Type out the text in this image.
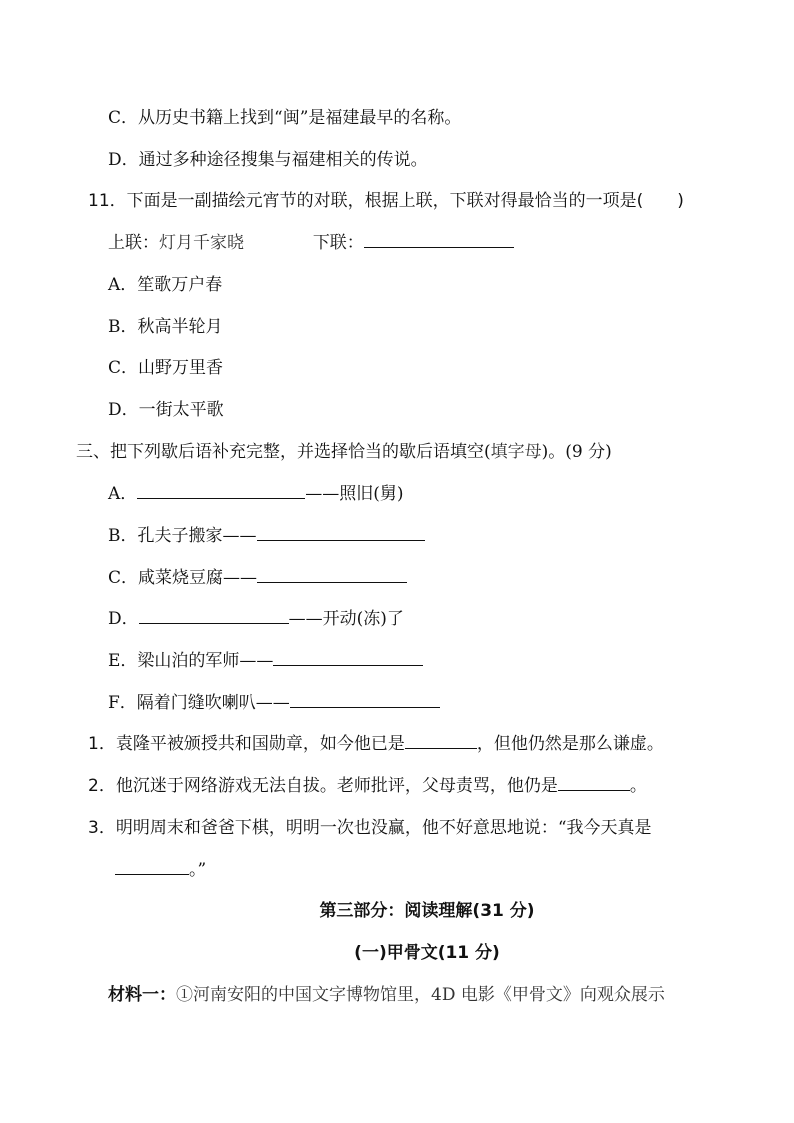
C．从历史书籍上找到“闽”是福建最早的名称。
D．通过多种途径搜集与福建相关的传说。
11．下面是一副描绘元宵节的对联，根据上联，下联对得最恰当的一项是(　　)
上联：灯月千家晓	下联：
A．笙歌万户春
B．秋高半轮月
C．山野万里香
D．一街太平歌
三、把下列歇后语补充完整，并选择恰当的歇后语填空(填字母)。(9 分)
A．	——照旧(舅)
B．孔夫子搬家——
C．咸菜烧豆腐——
D．	——开动(冻)了
E．梁山泊的军师——
F．隔着门缝吹喇叭——
1．袁隆平被颁授共和国勋章，如今他已是	，但他仍然是那么谦虚。
2．他沉迷于网络游戏无法自拔。老师批评，父母责骂，他仍是	。
3．明明周末和爸爸下棋，明明一次也没赢，他不好意思地说：“我今天真是
。”
第三部分：阅读理解(31 分)
(一)甲骨文(11 分)
材料一：①河南安阳的中国文字博物馆里，4D 电影《甲骨文》向观众展示
